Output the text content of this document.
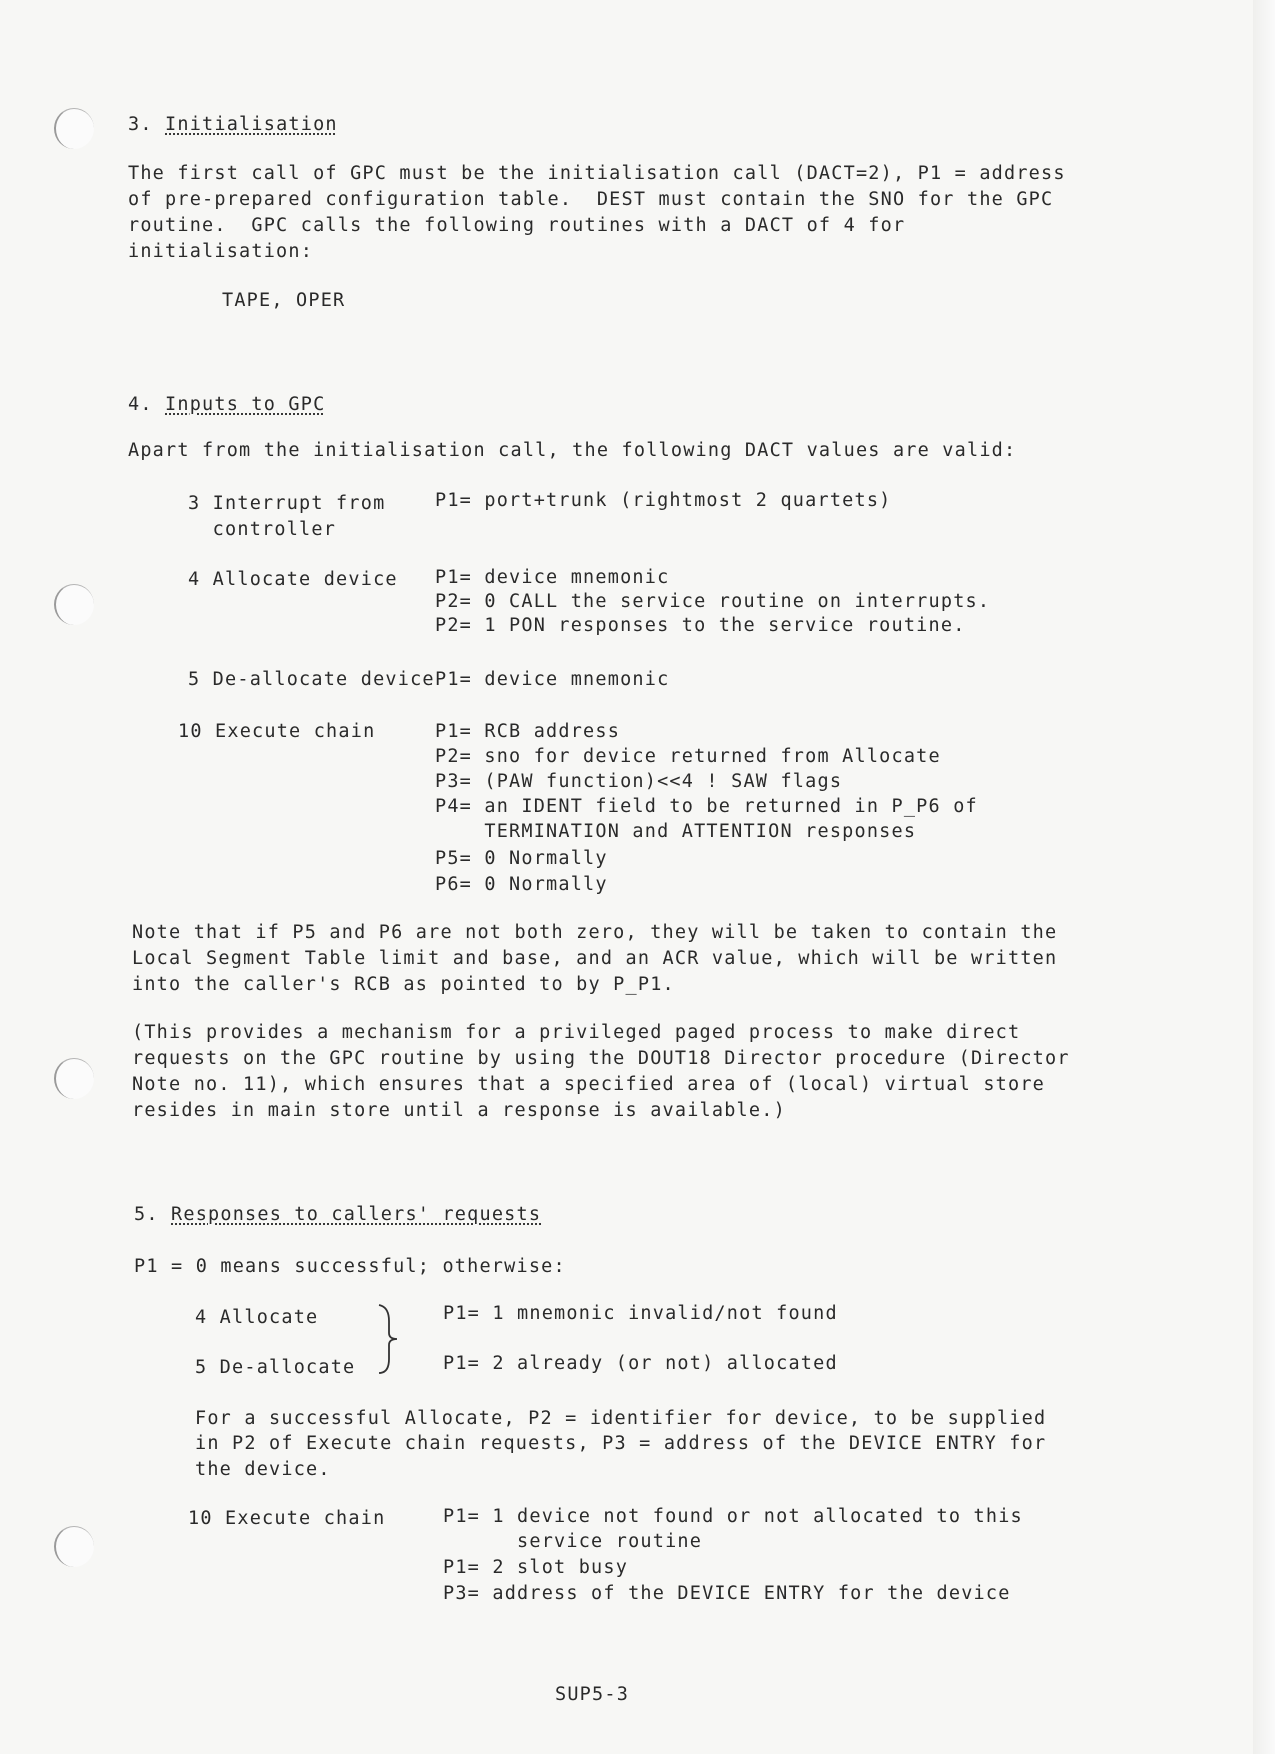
3. Initialisation
The first call of GPC must be the initialisation call (DACT=2), P1 = address
of pre-prepared configuration table.  DEST must contain the SNO for the GPC
routine.  GPC calls the following routines with a DACT of 4 for
initialisation:
TAPE, OPER
4. Inputs to GPC
Apart from the initialisation call, the following DACT values are valid:
3 Interrupt from
controller
P1= port+trunk (rightmost 2 quartets)
4 Allocate device P1= device mnemonic
P2= 0 CALL the service routine on interrupts.
P2= 1 PON responses to the service routine.
5 De-allocate device P1= device mnemonic
10 Execute chain	P1= RCB address
P2= sno for device returned from Allocate
P3= (PAW function)<<4 ! SAW flags
P4= an IDENT field to be returned in P_P6 of
TERMINATION and ATTENTION responses
P5= 0 Normally
P6= 0 Normally
Note that if P5 and P6 are not both zero, they will be taken to contain the
Local Segment Table limit and base, and an ACR value, which will be written
into the caller's RCB as pointed to by P_P1.
(This provides a mechanism for a privileged paged process to make direct
requests on the GPC routine by using the DOUT18 Director procedure (Director
Note no. 11), which ensures that a specified area of (local) virtual store
resides in main store until a response is available.)
5. Responses to callers' requests
P1 = 0 means successful; otherwise:
4 Allocate
5 De-allocate
P1= 1 mnemonic invalid/not found
P1= 2 already (or not) allocated
For a successful Allocate, P2 = identifier for device, to be supplied
in P2 of Execute chain requests, P3 = address of the DEVICE ENTRY for
the device.
10 Execute chain	P1= 1 device not found or not allocated to this
service routine
P1= 2 slot busy
P3= address of the DEVICE ENTRY for the device
SUP5-3
